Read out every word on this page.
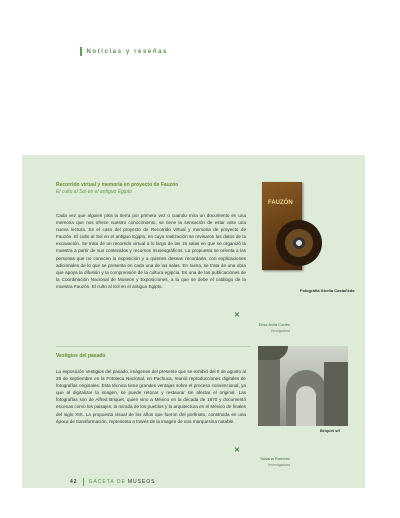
Noticias y reseñas
Recorrido virtual y memoria en proyecto de Fauzón
El culto al Sol en el antiguo Egipto
Cada vez que alguien pisa la tierra por primera vez o cuando mira un documento en una memoria que nos ofrece nuestro conocimiento, se tiene la sensación de estar ante una nueva lectura. Es el caso del proyecto de Recorrido virtual y memoria de proyecto de Fauzón. El culto al Sol en el antiguo Egipto, en cuya realización se revisaron los datos de la excavación. Se trata de un recorrido virtual a lo largo de las 15 salas en que se organizó la muestra a partir de sus contenidos y recursos museográficos. La propuesta se orienta a las personas que no conocen la exposición y a quienes desean recordarla, con explicaciones adicionales de lo que se presenta en cada una de las salas. En suma, se trata de una obra que apoya la difusión y la comprensión de la cultura egipcia. Es una de las publicaciones de la Coordinación Nacional de Museos y Exposiciones, a la que se debe el catálogo de la muestra Fauzón. El culto al Sol en el antiguo Egipto.
FAUZÓN
Fotografía Gheña Castañeda
Elisa Ávila Cortés
Divulgadora
✕
Vestigios del pasado
La exposición Vestigios del pasado, imágenes del presente que se exhibió del 8 de agosto al 28 de septiembre en la Fototeca Nacional, en Pachuca, reunió reproducciones digitales de fotografías originales. Esta técnica tiene grandes ventajas sobre el proceso convencional, ya que al digitalizar la imagen, se puede retocar y restaurar sin afectar el original. Las fotografías son de Alfred Briquet, quien vino a México en la década de 1870 y documentó escenas como los paisajes, la mirada de los pueblos y la arquitectura en el México de finales del siglo XIX. La propuesta visual de los años que fueron del porfiriato, construida en una época de transformación, representa a través de la imagen de una marquesina notable.
Briquet s/f
Susana Ramírez
Investigadora
✕
42 GACETA DE MUSEOS
